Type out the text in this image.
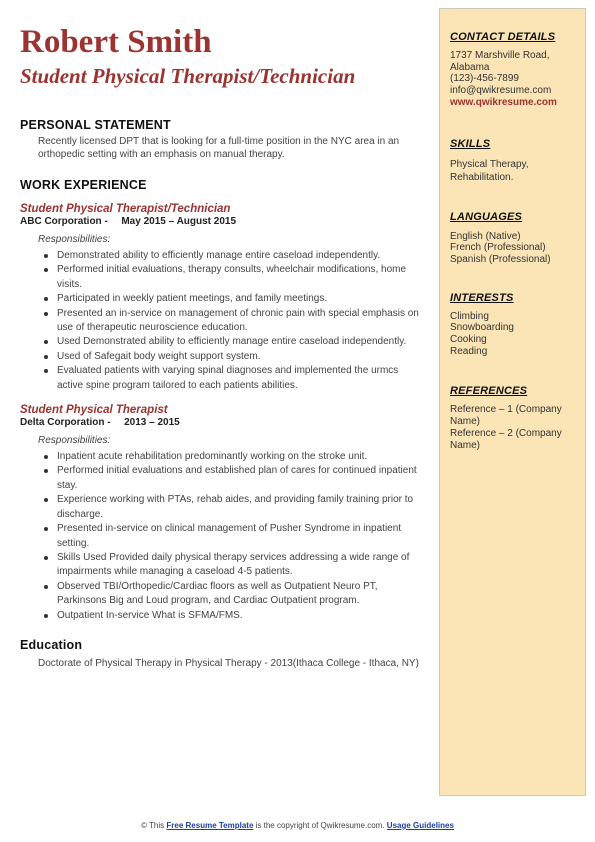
Robert Smith
Student Physical Therapist/Technician
PERSONAL STATEMENT

Recently licensed DPT that is looking for a full-time position in the NYC area in an orthopedic setting with an emphasis on manual therapy.

WORK EXPERIENCE

Student Physical Therapist/Technician

ABC Corporation - May 2015 – August 2015

Responsibilities:

Demonstrated ability to efficiently manage entire caseload independently.
Performed initial evaluations, therapy consults, wheelchair modifications, home visits.
Participated in weekly patient meetings, and family meetings.
Presented an in-service on management of chronic pain with special emphasis on use of therapeutic neuroscience education.
Used Demonstrated ability to efficiently manage entire caseload independently.
Used of Safegait body weight support system.
Evaluated patients with varying spinal diagnoses and implemented the urmcs active spine program tailored to each patients abilities.

Student Physical Therapist

Delta Corporation - 2013 – 2015

Responsibilities:

Inpatient acute rehabilitation predominantly working on the stroke unit.
Performed initial evaluations and established plan of cares for continued inpatient stay.
Experience working with PTAs, rehab aides, and providing family training prior to discharge.
Presented in-service on clinical management of Pusher Syndrome in inpatient setting.
Skills Used Provided daily physical therapy services addressing a wide range of impairments while managing a caseload 4-5 patients.
Observed TBI/Orthopedic/Cardiac floors as well as Outpatient Neuro PT, Parkinsons Big and Loud program, and Cardiac Outpatient program.
Outpatient In-service What is SFMA/FMS.
Education

Doctorate of Physical Therapy in Physical Therapy - 2013(Ithaca College - Ithaca, NY)

CONTACT DETAILS

1737 Marshville Road,

Alabama

(123)-456-7899

info@qwikresume.com

www.qwikresume.com

SKILLS

Physical Therapy, Rehabilitation.

LANGUAGES

English (Native)

French (Professional)

Spanish (Professional)

INTERESTS

Climbing

Snowboarding

Cooking

Reading

REFERENCES

Reference – 1 (Company Name)

Reference – 2 (Company Name)

© This Free Resume Template is the copyright of Qwikresume.com. Usage Guidelines
